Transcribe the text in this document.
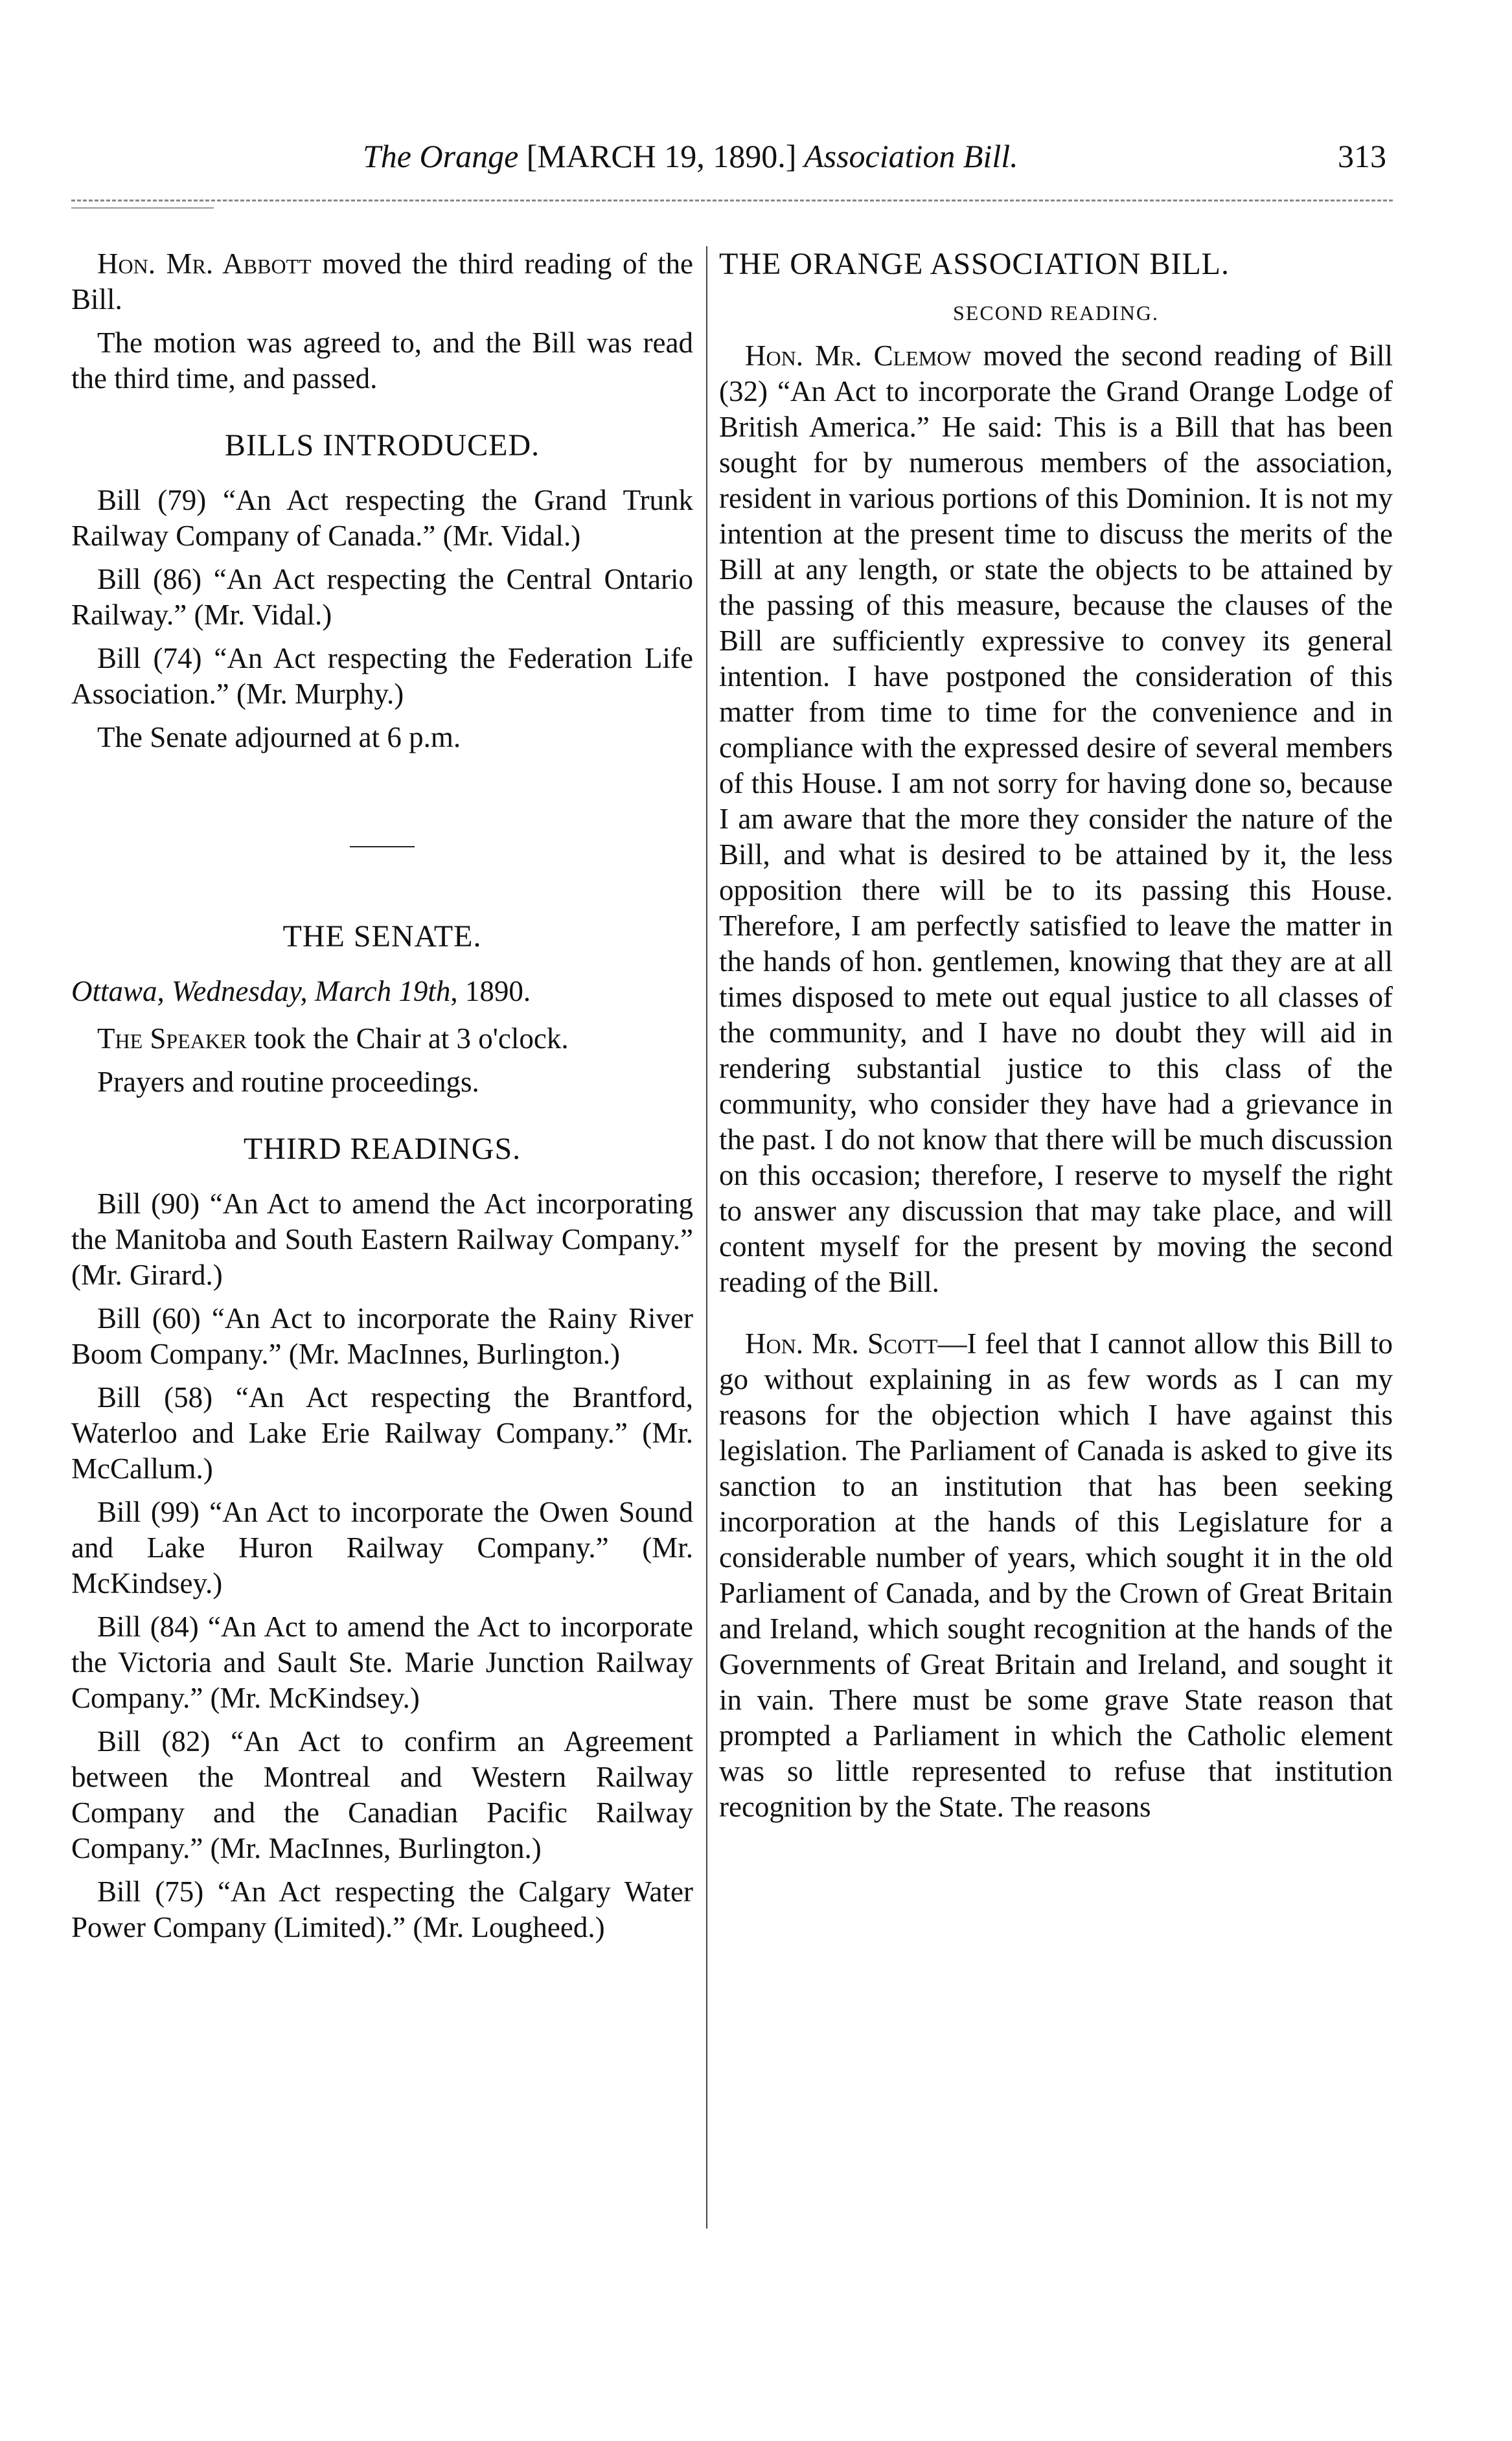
The Orange [MARCH 19, 1890.] Association Bill.	313

Hon. Mr. Abbott moved the third reading of the Bill.

The motion was agreed to, and the Bill was read the third time, and passed.

BILLS INTRODUCED.

Bill (79) “An Act respecting the Grand Trunk Railway Company of Canada.” (Mr. Vidal.)

Bill (86) “An Act respecting the Central Ontario Railway.” (Mr. Vidal.)

Bill (74) “An Act respecting the Federation Life Association.” (Mr. Murphy.)

The Senate adjourned at 6 p.m.

THE SENATE.
Ottawa, Wednesday, March 19th, 1890.

The Speaker took the Chair at 3 o'clock.

Prayers and routine proceedings.

THIRD READINGS.

Bill (90) “An Act to amend the Act incorporating the Manitoba and South Eastern Railway Company.” (Mr. Girard.)

Bill (60) “An Act to incorporate the Rainy River Boom Company.” (Mr. MacInnes, Burlington.)

Bill (58) “An Act respecting the Brantford, Waterloo and Lake Erie Railway Company.” (Mr. McCallum.)

Bill (99) “An Act to incorporate the Owen Sound and Lake Huron Railway Company.” (Mr. McKindsey.)

Bill (84) “An Act to amend the Act to incorporate the Victoria and Sault Ste. Marie Junction Railway Company.” (Mr. McKindsey.)

Bill (82) “An Act to confirm an Agreement between the Montreal and Western Railway Company and the Canadian Pacific Railway Company.” (Mr. MacInnes, Burlington.)

Bill (75) “An Act respecting the Calgary Water Power Company (Limited).” (Mr. Lougheed.)

THE ORANGE ASSOCIATION BILL.
SECOND READING.

Hon. Mr. Clemow moved the second reading of Bill (32) “An Act to incorporate the Grand Orange Lodge of British America.” He said: This is a Bill that has been sought for by numerous members of the association, resident in various portions of this Dominion. It is not my intention at the present time to discuss the merits of the Bill at any length, or state the objects to be attained by the passing of this measure, because the clauses of the Bill are sufficiently expressive to convey its general intention. I have postponed the consideration of this matter from time to time for the convenience and in compliance with the expressed desire of several members of this House. I am not sorry for having done so, because I am aware that the more they consider the nature of the Bill, and what is desired to be attained by it, the less opposition there will be to its passing this House. Therefore, I am perfectly satisfied to leave the matter in the hands of hon. gentlemen, knowing that they are at all times disposed to mete out equal justice to all classes of the community, and I have no doubt they will aid in rendering substantial justice to this class of the community, who consider they have had a grievance in the past. I do not know that there will be much discussion on this occasion; therefore, I reserve to myself the right to answer any discussion that may take place, and will content myself for the present by moving the second reading of the Bill.

Hon. Mr. Scott—I feel that I cannot allow this Bill to go without explaining in as few words as I can my reasons for the objection which I have against this legislation. The Parliament of Canada is asked to give its sanction to an institution that has been seeking incorporation at the hands of this Legislature for a considerable number of years, which sought it in the old Parliament of Canada, and by the Crown of Great Britain and Ireland, which sought recognition at the hands of the Governments of Great Britain and Ireland, and sought it in vain. There must be some grave State reason that prompted a Parliament in which the Catholic element was so little represented to refuse that institution recognition by the State. The reasons
